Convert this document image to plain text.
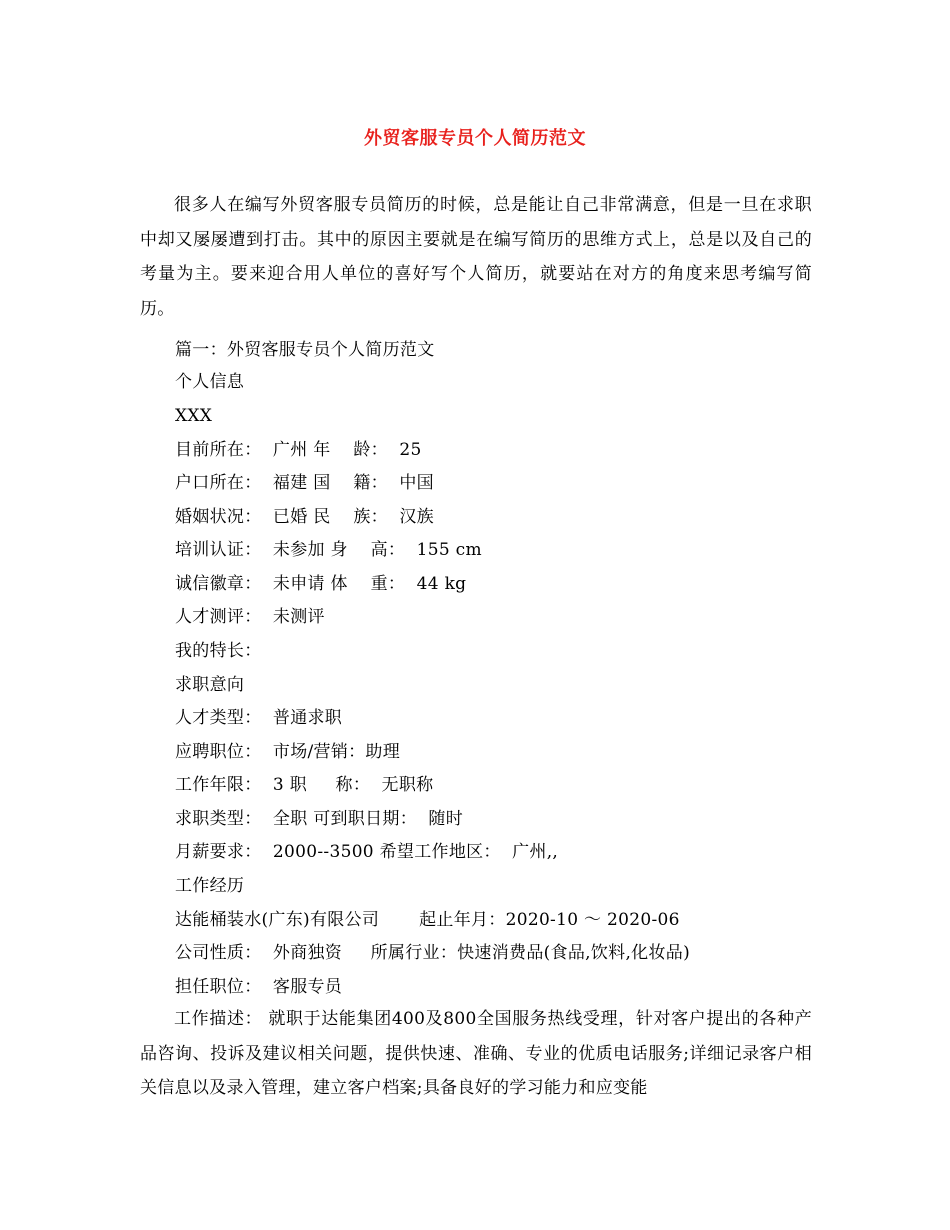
外贸客服专员个人简历范文
很多人在编写外贸客服专员简历的时候，总是能让自己非常满意，但是一旦在求职中却又屡屡遭到打击。其中的原因主要就是在编写简历的思维方式上，总是以及自己的考量为主。要来迎合用人单位的喜好写个人简历，就要站在对方的角度来思考编写简历。
篇一：外贸客服专员个人简历范文
个人信息
XXX
目前所在：  广州 年    龄：  25
户口所在：  福建 国    籍：  中国
婚姻状况：  已婚 民    族：  汉族
培训认证：  未参加 身    高：  155 cm
诚信徽章：  未申请 体    重：  44 kg
人才测评：  未测评
我的特长：
求职意向
人才类型：  普通求职
应聘职位：  市场/营销：助理
工作年限：  3 职     称：  无职称
求职类型：  全职 可到职日期：  随时
月薪要求：  2000--3500 希望工作地区：  广州,,
工作经历
达能桶装水(广东)有限公司       起止年月：2020-10 ～ 2020-06
公司性质：  外商独资     所属行业：快速消费品(食品,饮料,化妆品)
担任职位：  客服专员
工作描述： 就职于达能集团400及800全国服务热线受理，针对客户提出的各种产品咨询、投诉及建议相关问题，提供快速、准确、专业的优质电话服务;详细记录客户相 关信息以及录入管理，建立客户档案;具备良好的学习能力和应变能
